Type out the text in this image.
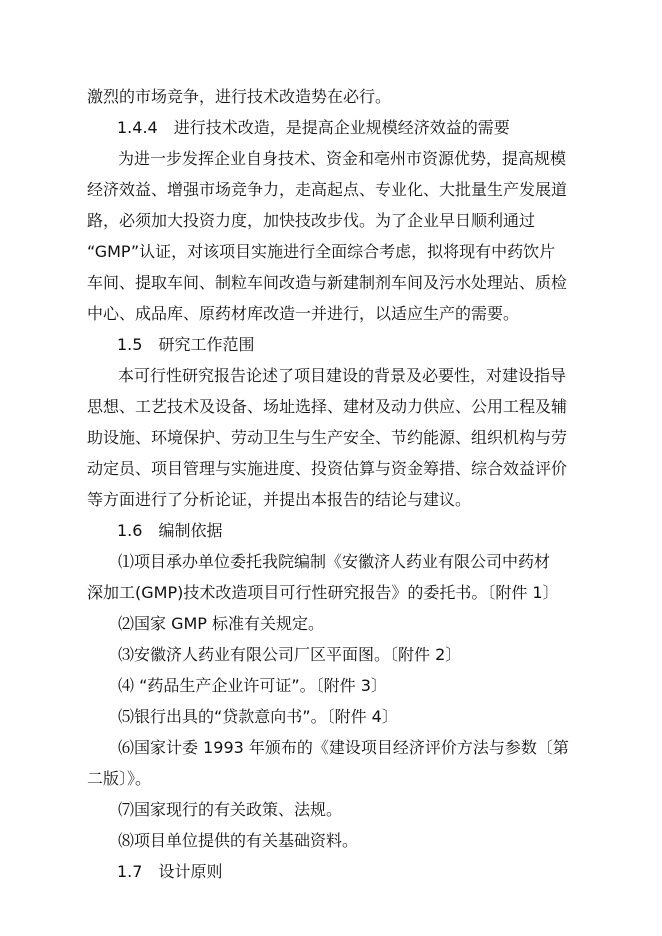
激烈的市场竞争，进行技术改造势在必行。
1.4.4　进行技术改造，是提高企业规模经济效益的需要
为进一步发挥企业自身技术、资金和亳州市资源优势，提高规模
经济效益、增强市场竞争力，走高起点、专业化、大批量生产发展道
路，必须加大投资力度，加快技改步伐。为了企业早日顺利通过
“GMP”认证，对该项目实施进行全面综合考虑，拟将现有中药饮片
车间、提取车间、制粒车间改造与新建制剂车间及污水处理站、质检
中心、成品库、原药材库改造一并进行，以适应生产的需要。
1.5　研究工作范围
本可行性研究报告论述了项目建设的背景及必要性，对建设指导
思想、工艺技术及设备、场址选择、建材及动力供应、公用工程及辅
助设施、环境保护、劳动卫生与生产安全、节约能源、组织机构与劳
动定员、项目管理与实施进度、投资估算与资金筹措、综合效益评价
等方面进行了分析论证，并提出本报告的结论与建议。
1.6　编制依据
⑴项目承办单位委托我院编制《安徽济人药业有限公司中药材
深加工(GMP)技术改造项目可行性研究报告》的委托书。〔附件 1〕
⑵国家 GMP 标准有关规定。
⑶安徽济人药业有限公司厂区平面图。〔附件 2〕
⑷ “药品生产企业许可证”。〔附件 3〕
⑸银行出具的“贷款意向书”。〔附件 4〕
⑹国家计委 1993 年颁布的《建设项目经济评价方法与参数〔第
二版〕》。
⑺国家现行的有关政策、法规。
⑻项目单位提供的有关基础资料。
1.7　设计原则
